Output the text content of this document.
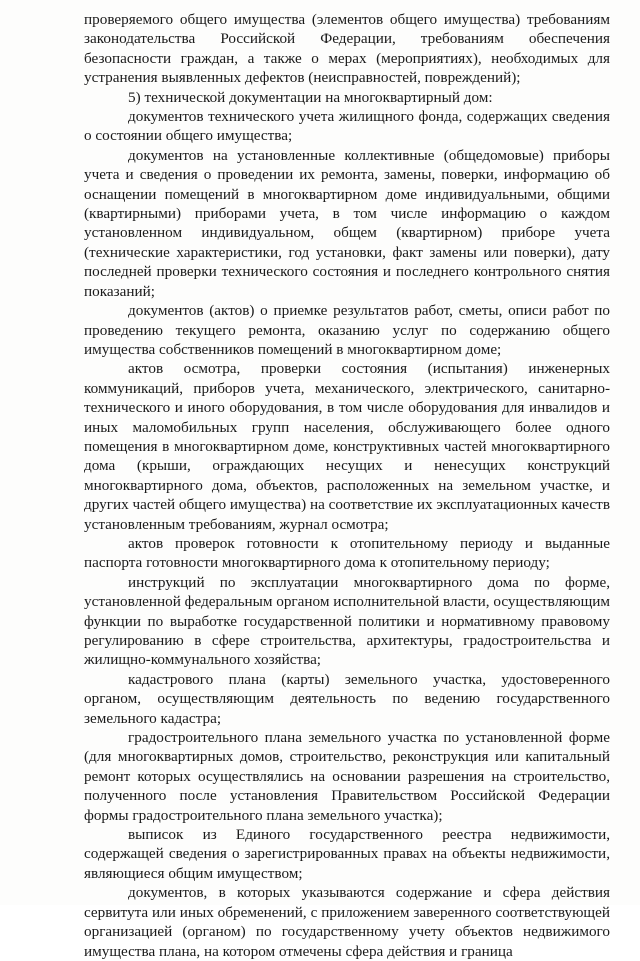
проверяемого общего имущества (элементов общего имущества) требованиям законодательства Российской Федерации, требованиям обеспечения безопасности граждан, а также о мерах (мероприятиях), необходимых для устранения выявленных дефектов (неисправностей, повреждений);

5) технической документации на многоквартирный дом:

документов технического учета жилищного фонда, содержащих сведения о состоянии общего имущества;

документов на установленные коллективные (общедомовые) приборы учета и сведения о проведении их ремонта, замены, поверки, информацию об оснащении помещений в многоквартирном доме индивидуальными, общими (квартирными) приборами учета, в том числе информацию о каждом установленном индивидуальном, общем (квартирном) приборе учета (технические характеристики, год установки, факт замены или поверки), дату последней проверки технического состояния и последнего контрольного снятия показаний;

документов (актов) о приемке результатов работ, сметы, описи работ по проведению текущего ремонта, оказанию услуг по содержанию общего имущества собственников помещений в многоквартирном доме;

актов осмотра, проверки состояния (испытания) инженерных коммуникаций, приборов учета, механического, электрического, санитарно-технического и иного оборудования, в том числе оборудования для инвалидов и иных маломобильных групп населения, обслуживающего более одного помещения в многоквартирном доме, конструктивных частей многоквартирного дома (крыши, ограждающих несущих и ненесущих конструкций многоквартирного дома, объектов, расположенных на земельном участке, и других частей общего имущества) на соответствие их эксплуатационных качеств установленным требованиям, журнал осмотра;

актов проверок готовности к отопительному периоду и выданные паспорта готовности многоквартирного дома к отопительному периоду;

инструкций по эксплуатации многоквартирного дома по форме, установленной федеральным органом исполнительной власти, осуществляющим функции по выработке государственной политики и нормативному правовому регулированию в сфере строительства, архитектуры, градостроительства и жилищно-коммунального хозяйства;

кадастрового плана (карты) земельного участка, удостоверенного органом, осуществляющим деятельность по ведению государственного земельного кадастра;

градостроительного плана земельного участка по установленной форме (для многоквартирных домов, строительство, реконструкция или капитальный ремонт которых осуществлялись на основании разрешения на строительство, полученного после установления Правительством Российской Федерации формы градостроительного плана земельного участка);

выписок из Единого государственного реестра недвижимости, содержащей сведения о зарегистрированных правах на объекты недвижимости, являющиеся общим имуществом;

документов, в которых указываются содержание и сфера действия сервитута или иных обременений, с приложением заверенного соответствующей организацией (органом) по государственному учету объектов недвижимого имущества плана, на котором отмечены сфера действия и граница
